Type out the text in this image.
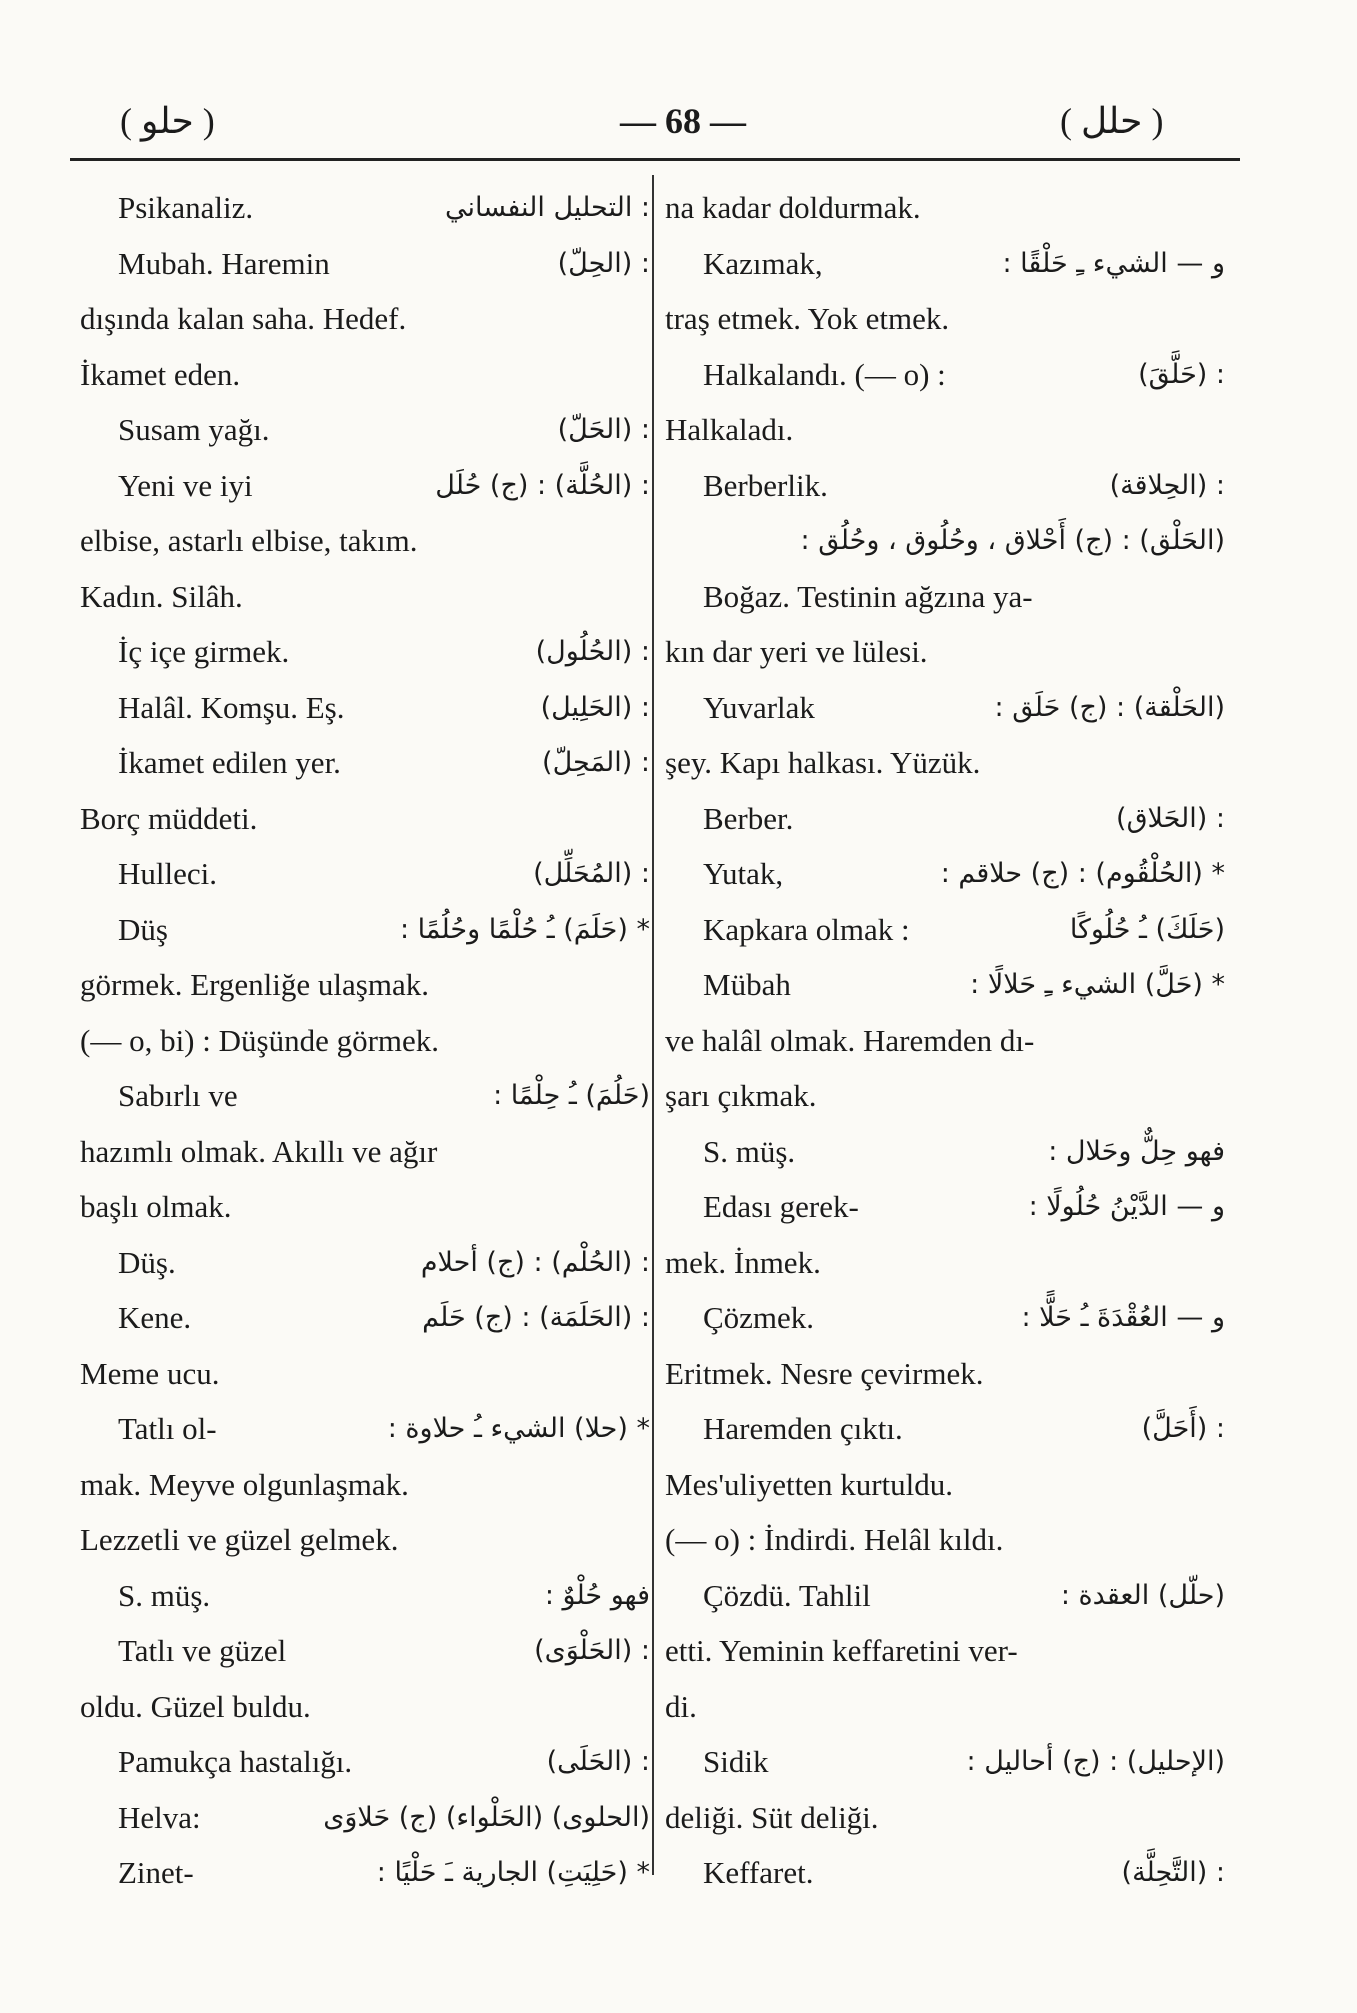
( حلو )	— 68 —	( حلل )
Psikanaliz.	: التحليل النفساني
Mubah. Haremin	: (الحِلّ)
dışında kalan saha. Hedef.
İkamet eden.
Susam yağı.	: (الحَلّ)
Yeni ve iyi	: (الحُلَّة) : (ج) حُلَل
elbise, astarlı elbise, takım.
Kadın. Silâh.
İç içe girmek.	: (الحُلُول)
Halâl. Komşu. Eş.	: (الحَلِيل)
İkamet edilen yer.	: (المَحِلّ)
Borç müddeti.
Hulleci.	: (المُحَلِّل)
Düş	* (حَلَمَ) ـُ حُلْمًا وحُلُمًا :
görmek. Ergenliğe ulaşmak.
(— o, bi) : Düşünde görmek.
Sabırlı ve	(حَلُمَ) ـُ حِلْمًا :
hazımlı olmak. Akıllı ve ağır
başlı olmak.
Düş.	: (الحُلْم) : (ج) أحلام
Kene.	: (الحَلَمَة) : (ج) حَلَم
Meme ucu.
Tatlı ol-	* (حلا) الشيء ـُ حلاوة :
mak. Meyve olgunlaşmak.
Lezzetli ve güzel gelmek.
S. müş.	فهو حُلْوٌ :
Tatlı ve güzel	: (الحَلْوَى)
oldu. Güzel buldu.
Pamukça hastalığı.	: (الحَلَى)
Helva:	(الحلوى) (الحَلْواء) (ج) حَلاوَى
Zinet-	* (حَلِيَتِ) الجارية ـَ حَلْيًا :
na kadar doldurmak.
Kazımak,	و — الشيء ـِ حَلْقًا :
traş etmek. Yok etmek.
Halkalandı. (— o) :	: (حَلَّقَ)
Halkaladı.
Berberlik.	: (الحِلاقة)
(الحَلْق) : (ج) أَحْلاق ، وحُلُوق ، وحُلُق :
Boğaz. Testinin ağzına ya-
kın dar yeri ve lülesi.
Yuvarlak	(الحَلْقة) : (ج) حَلَق :
şey. Kapı halkası. Yüzük.
Berber.	: (الحَلاق)
Yutak,	* (الحُلْقُوم) : (ج) حلاقم :
Kapkara olmak :	(حَلَكَ) ـُ حُلُوكًا
Mübah	* (حَلَّ) الشيء ـِ حَلالًا :
ve halâl olmak. Haremden dı-
şarı çıkmak.
S. müş.	فهو حِلٌّ وحَلال :
Edası gerek-	و — الدَّيْنُ حُلُولًا :
mek. İnmek.
Çözmek.	و — العُقْدَةَ ـُ حَلًّا :
Eritmek. Nesre çevirmek.
Haremden çıktı.	: (أَحَلَّ)
Mes'uliyetten kurtuldu.
(— o) : İndirdi. Helâl kıldı.
Çözdü. Tahlil	(حلّل) العقدة :
etti. Yeminin keffaretini ver-
di.
Sidik	(الإحليل) : (ج) أحاليل :
deliği. Süt deliği.
Keffaret.	: (التَّحِلَّة)
